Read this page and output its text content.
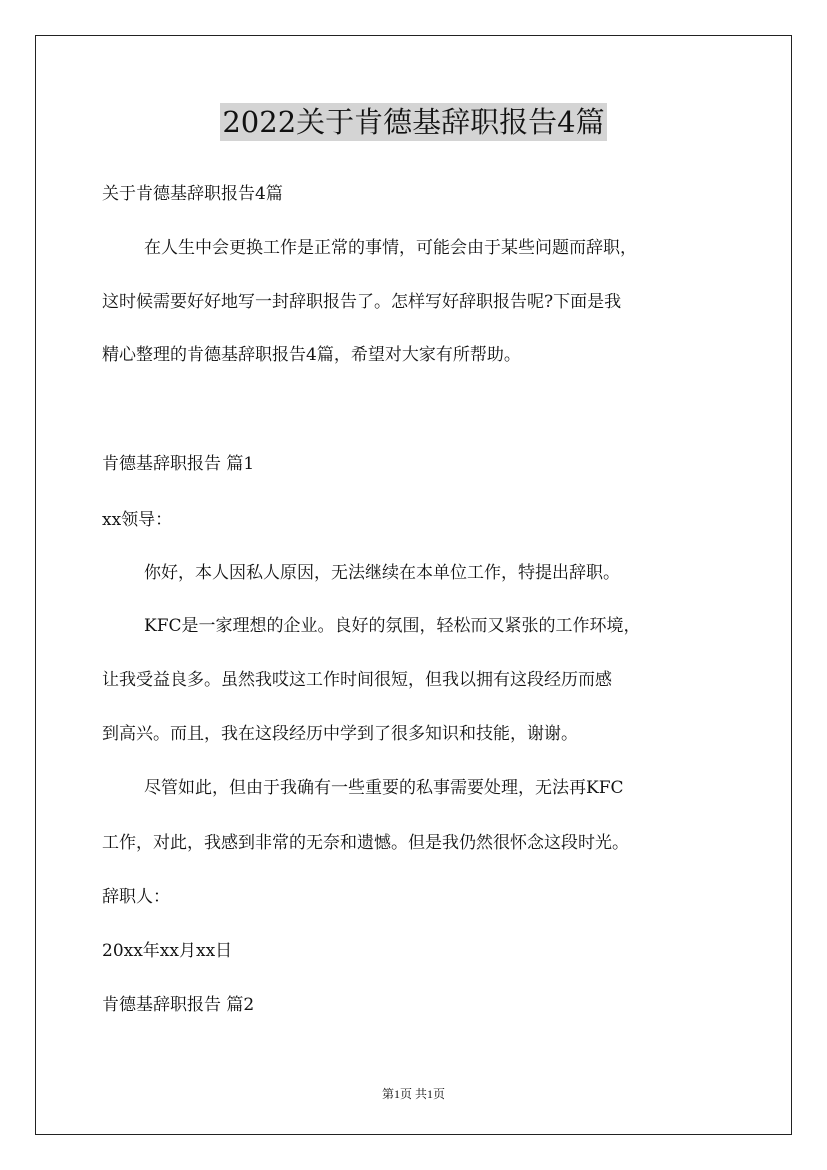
2022关于肯德基辞职报告4篇
关于肯德基辞职报告4篇
在人生中会更换工作是正常的事情，可能会由于某些问题而辞职，
这时候需要好好地写一封辞职报告了。怎样写好辞职报告呢?下面是我
精心整理的肯德基辞职报告4篇，希望对大家有所帮助。
肯德基辞职报告 篇1
xx领导：
你好，本人因私人原因，无法继续在本单位工作，特提出辞职。
KFC是一家理想的企业。良好的氛围，轻松而又紧张的工作环境，
让我受益良多。虽然我哎这工作时间很短，但我以拥有这段经历而感
到高兴。而且，我在这段经历中学到了很多知识和技能，谢谢。
尽管如此，但由于我确有一些重要的私事需要处理，无法再KFC
工作，对此，我感到非常的无奈和遗憾。但是我仍然很怀念这段时光。
辞职人：
20xx年xx月xx日
肯德基辞职报告 篇2
第1页 共1页
